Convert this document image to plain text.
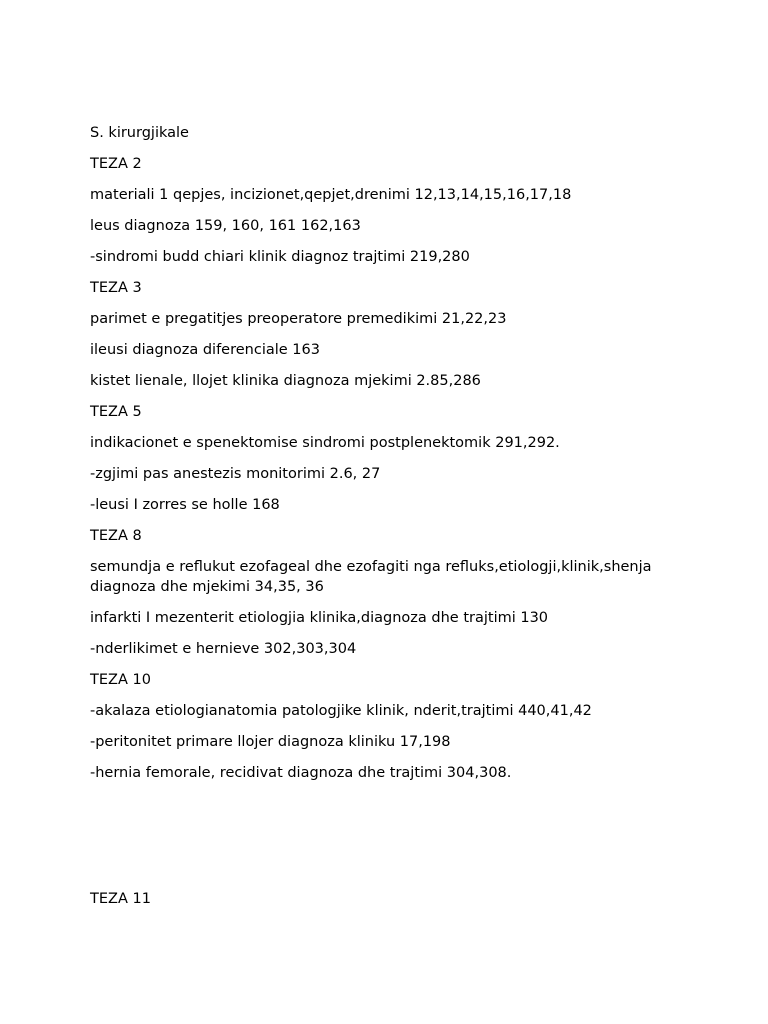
S. kirurgjikale

TEZA 2

materiali 1 qepjes, incizionet,qepjet,drenimi 12,13,14,15,16,17,18

leus diagnoza 159, 160, 161 162,163

-sindromi budd chiari klinik diagnoz trajtimi 219,280

TEZA 3

parimet e pregatitjes preoperatore premedikimi 21,22,23

ileusi diagnoza diferenciale 163

kistet lienale, llojet klinika diagnoza mjekimi 2.85,286

TEZA 5

indikacionet e spenektomise sindromi postplenektomik 291,292.

-zgjimi pas anestezis monitorimi 2.6, 27

-leusi I zorres se holle 168

TEZA 8

semundja e reflukut ezofageal dhe ezofagiti nga refluks,etiologji,klinik,shenja diagnoza dhe mjekimi 34,35, 36

infarkti I mezenterit etiologjia klinika,diagnoza dhe trajtimi 130

-nderlikimet e hernieve 302,303,304

TEZA 10

-akalaza etiologianatomia patologjike klinik, nderit,trajtimi 440,41,42

-peritonitet primare llojer diagnoza kliniku 17,198

-hernia femorale, recidivat diagnoza dhe trajtimi 304,308.

TEZA 11
